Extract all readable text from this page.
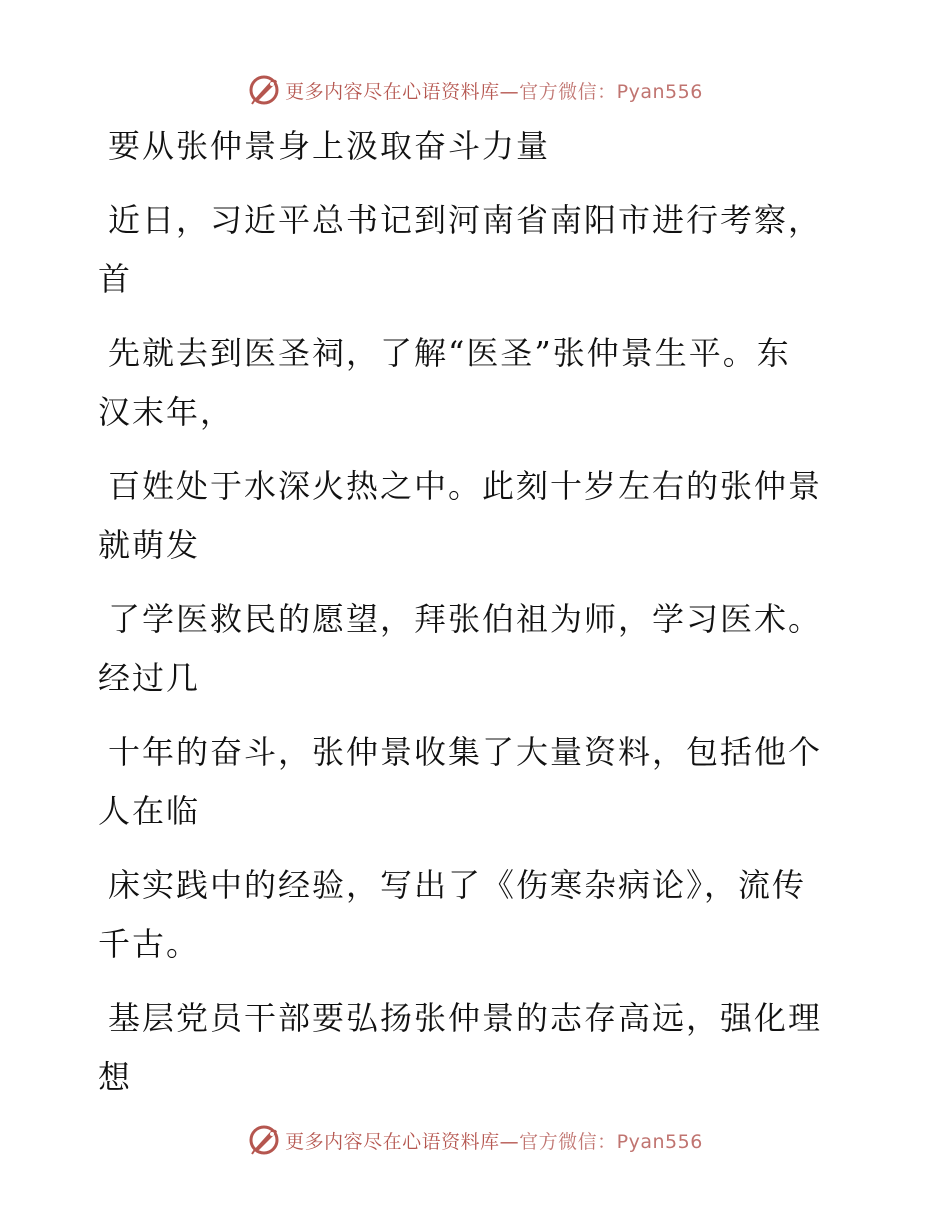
更多内容尽在心语资料库—官方微信：Pyan556
要从张仲景身上汲取奋斗力量
近日，习近平总书记到河南省南阳市进行考察，
首
先就去到医圣祠，了解“医圣”张仲景生平。东
汉末年，
百姓处于水深火热之中。此刻十岁左右的张仲景
就萌发
了学医救民的愿望，拜张伯祖为师，学习医术。
经过几
十年的奋斗，张仲景收集了大量资料，包括他个
人在临
床实践中的经验，写出了《伤寒杂病论》，流传
千古。
基层党员干部要弘扬张仲景的志存高远，强化理
想
更多内容尽在心语资料库—官方微信：Pyan556
